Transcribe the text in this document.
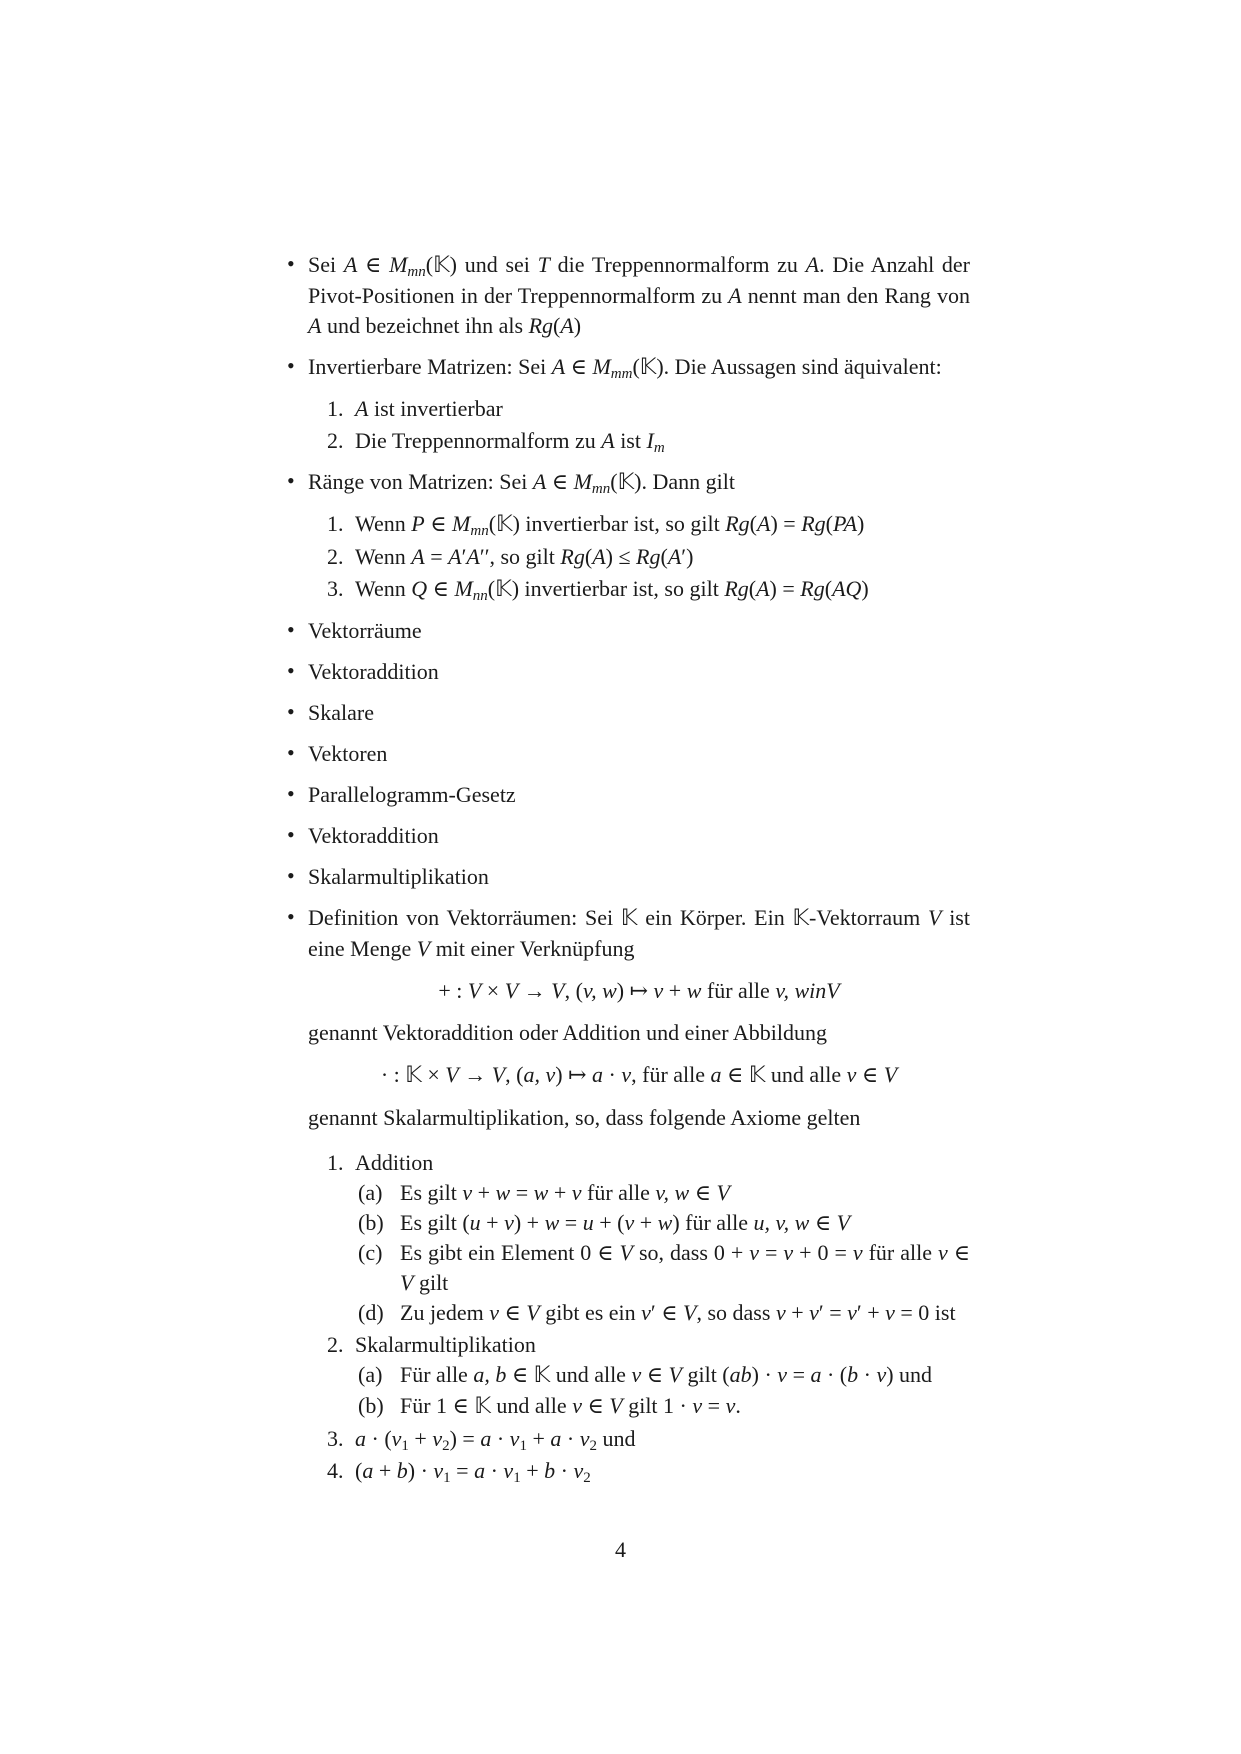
• Sei A ∈ $M_{mn}(𝕂)$ und sei T die Treppennormalform zu A. Die Anzahl der Pivot-Positionen in der Treppennormalform zu A nennt man den Rang von A und bezeichnet ihn als Rg(A)
• Invertierbare Matrizen: Sei A ∈ $M_{mm}(𝕂)$. Die Aussagen sind äquivalent:
1. A ist invertierbar
2. Die Treppennormalform zu A ist $I_m$
• Ränge von Matrizen: Sei A ∈ $M_{mn}(𝕂)$. Dann gilt
1. Wenn P ∈ $M_{mn}(𝕂)$ invertierbar ist, so gilt Rg(A) = Rg(PA)
2. Wenn A = A′A′′, so gilt Rg(A) ≤ Rg(A′)
3. Wenn Q ∈ $M_{nn}(𝕂)$ invertierbar ist, so gilt Rg(A) = Rg(AQ)
• Vektorräume
• Vektoraddition
• Skalare
• Vektoren
• Parallelogramm-Gesetz
• Vektoraddition
• Skalarmultiplikation
• Definition von Vektorräumen: Sei 𝕂 ein Körper. Ein 𝕂-Vektorraum V ist eine Menge V mit einer Verknüpfung
+ : V × V → V, (v, w) ↦ v + w für alle v, winV
genannt Vektoraddition oder Addition und einer Abbildung
· : 𝕂 × V → V, (a, v) ↦ a · v, für alle a ∈ 𝕂 und alle v ∈ V
genannt Skalarmultiplikation, so, dass folgende Axiome gelten
1. Addition
(a) Es gilt v + w = w + v für alle v, w ∈ V
(b) Es gilt (u + v) + w = u + (v + w) für alle u, v, w ∈ V
(c) Es gibt ein Element 0 ∈ V so, dass 0 + v = v + 0 = v für alle v ∈ V gilt
(d) Zu jedem v ∈ V gibt es ein v′ ∈ V, so dass v + v′ = v′ + v = 0 ist
2. Skalarmultiplikation
(a) Für alle a, b ∈ 𝕂 und alle v ∈ V gilt (ab) · v = a · (b · v) und
(b) Für 1 ∈ 𝕂 und alle v ∈ V gilt 1 · v = v.
3. $a \cdot (v_1 + v_2) = a \cdot v_1 + a \cdot v_2$ und
4. $(a + b) \cdot v_1 = a \cdot v_1 + b \cdot v_2$
4
